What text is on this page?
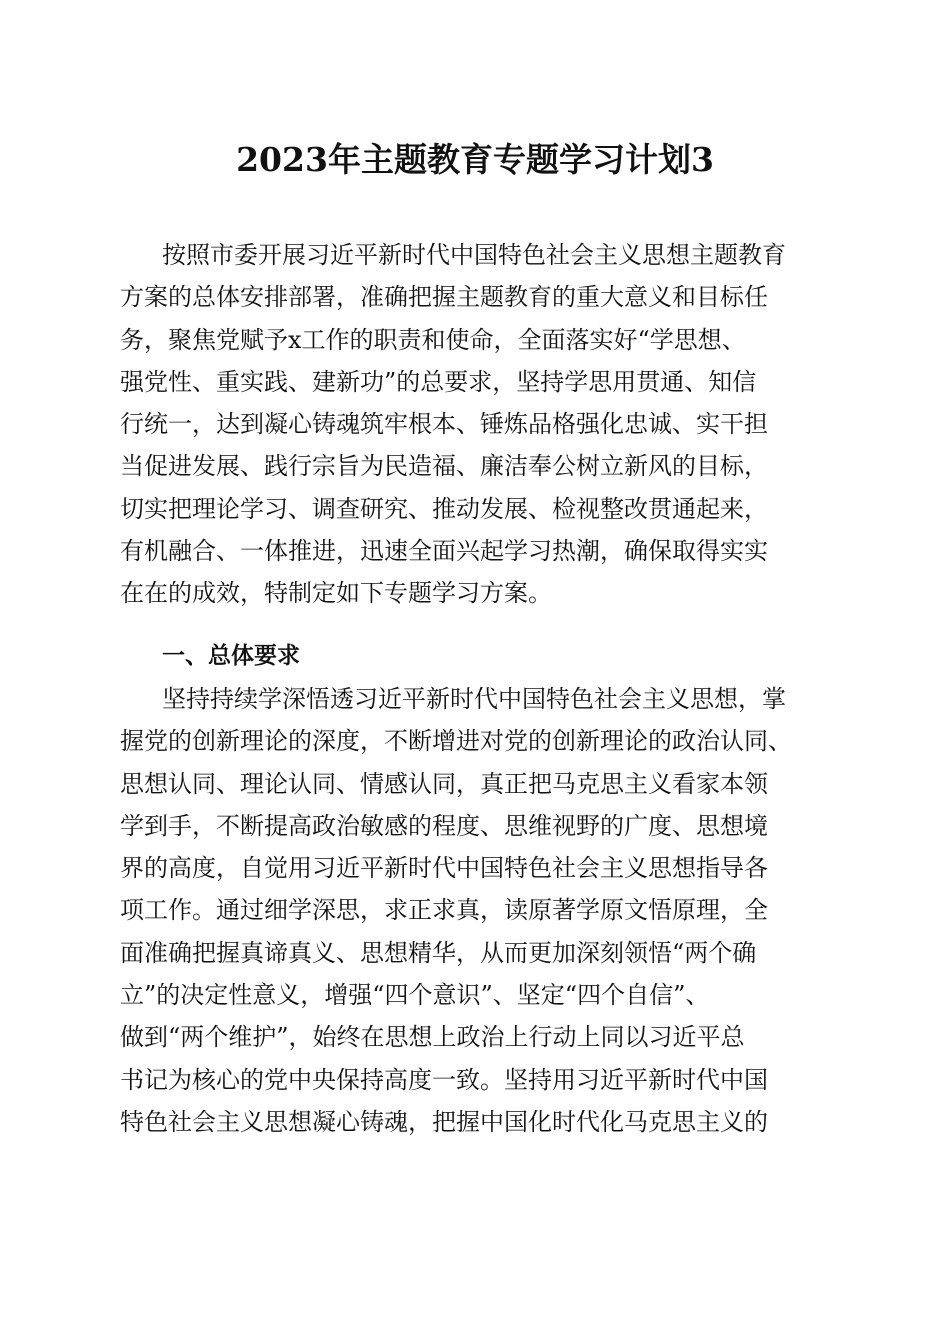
2023年主题教育专题学习计划3
按照市委开展习近平新时代中国特色社会主义思想主题教育
方案的总体安排部署，准确把握主题教育的重大意义和目标任
务，聚焦党赋予x工作的职责和使命，全面落实好“学思想、
强党性、重实践、建新功”的总要求，坚持学思用贯通、知信
行统一，达到凝心铸魂筑牢根本、锤炼品格强化忠诚、实干担
当促进发展、践行宗旨为民造福、廉洁奉公树立新风的目标，
切实把理论学习、调查研究、推动发展、检视整改贯通起来，
有机融合、一体推进，迅速全面兴起学习热潮，确保取得实实
在在的成效，特制定如下专题学习方案。
一、总体要求
坚持持续学深悟透习近平新时代中国特色社会主义思想，掌
握党的创新理论的深度，不断增进对党的创新理论的政治认同、
思想认同、理论认同、情感认同，真正把马克思主义看家本领
学到手，不断提高政治敏感的程度、思维视野的广度、思想境
界的高度，自觉用习近平新时代中国特色社会主义思想指导各
项工作。通过细学深思，求正求真，读原著学原文悟原理，全
面准确把握真谛真义、思想精华，从而更加深刻领悟“两个确
立”的决定性意义，增强“四个意识”、坚定“四个自信”、
做到“两个维护”，始终在思想上政治上行动上同以习近平总
书记为核心的党中央保持高度一致。坚持用习近平新时代中国
特色社会主义思想凝心铸魂，把握中国化时代化马克思主义的
